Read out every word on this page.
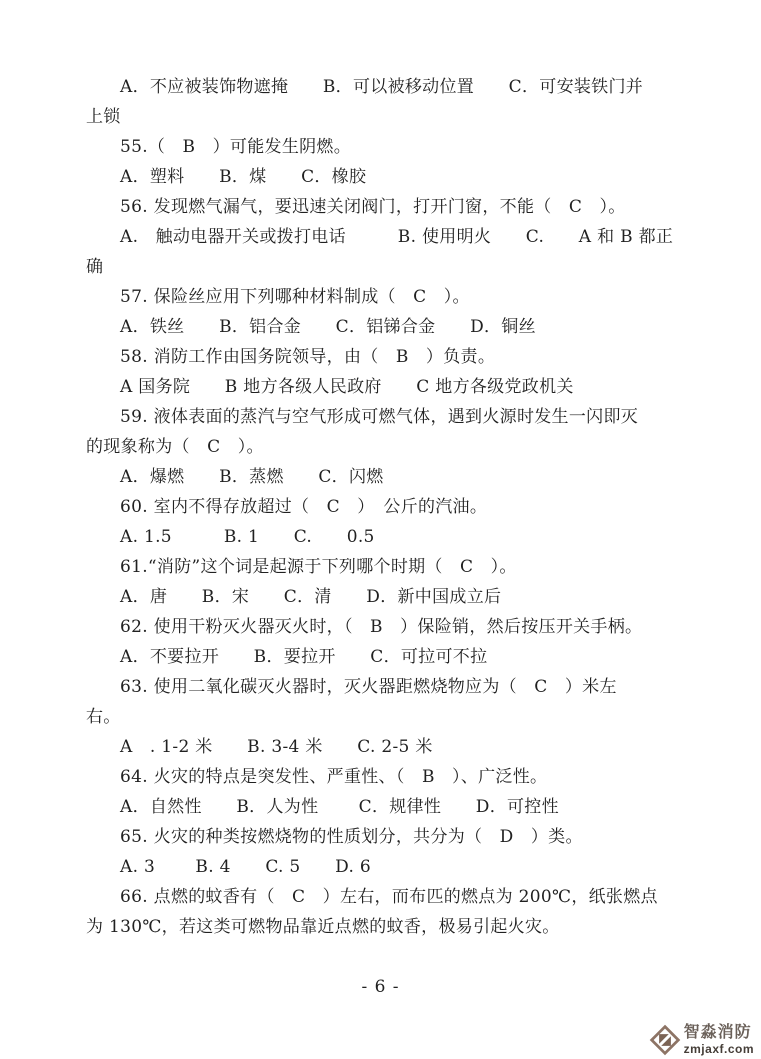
A．不应被装饰物遮掩　　B．可以被移动位置　　C．可安装铁门并
上锁
55.（　B　）可能发生阴燃。
A．塑料　　B．煤　　C．橡胶
56. 发现燃气漏气，要迅速关闭阀门，打开门窗，不能（　C　）。
A.　触动电器开关或拨打电话　　　B. 使用明火　　C.　　A 和 B 都正
确
57. 保险丝应用下列哪种材料制成（　C　）。
A．铁丝　　B．铝合金　　C．铝锑合金　　D．铜丝
58. 消防工作由国务院领导，由（　B　）负责。
A 国务院　　B 地方各级人民政府　　C 地方各级党政机关
59. 液体表面的蒸汽与空气形成可燃气体，遇到火源时发生一闪即灭
的现象称为（　C　）。
A．爆燃　　B．蒸燃　　C．闪燃
60. 室内不得存放超过（　C　）　公斤的汽油。
A. 1.5　　　B. 1　　C.　　0.5
61.“消防”这个词是起源于下列哪个时期（　C　）。
A．唐　　B．宋　　C．清　　D．新中国成立后
62. 使用干粉灭火器灭火时，（　B　）保险销，然后按压开关手柄。
A．不要拉开　　B．要拉开　　C．可拉可不拉
63. 使用二氧化碳灭火器时，灭火器距燃烧物应为（　C　）米左
右。
A　. 1-2 米　　B. 3-4 米　　C. 2-5 米
64. 火灾的特点是突发性、严重性、（　B　）、广泛性。
A．自然性　　B．人为性　　 C．规律性　　D．可控性
65. 火灾的种类按燃烧物的性质划分，共分为（　D　）类。
A. 3　　 B. 4　　C. 5　　D. 6
66. 点燃的蚊香有（　C　）左右，而布匹的燃点为 200℃，纸张燃点
为 130℃，若这类可燃物品靠近点燃的蚊香，极易引起火灾。
- 6 -
智淼消防
zmjaxf.com
